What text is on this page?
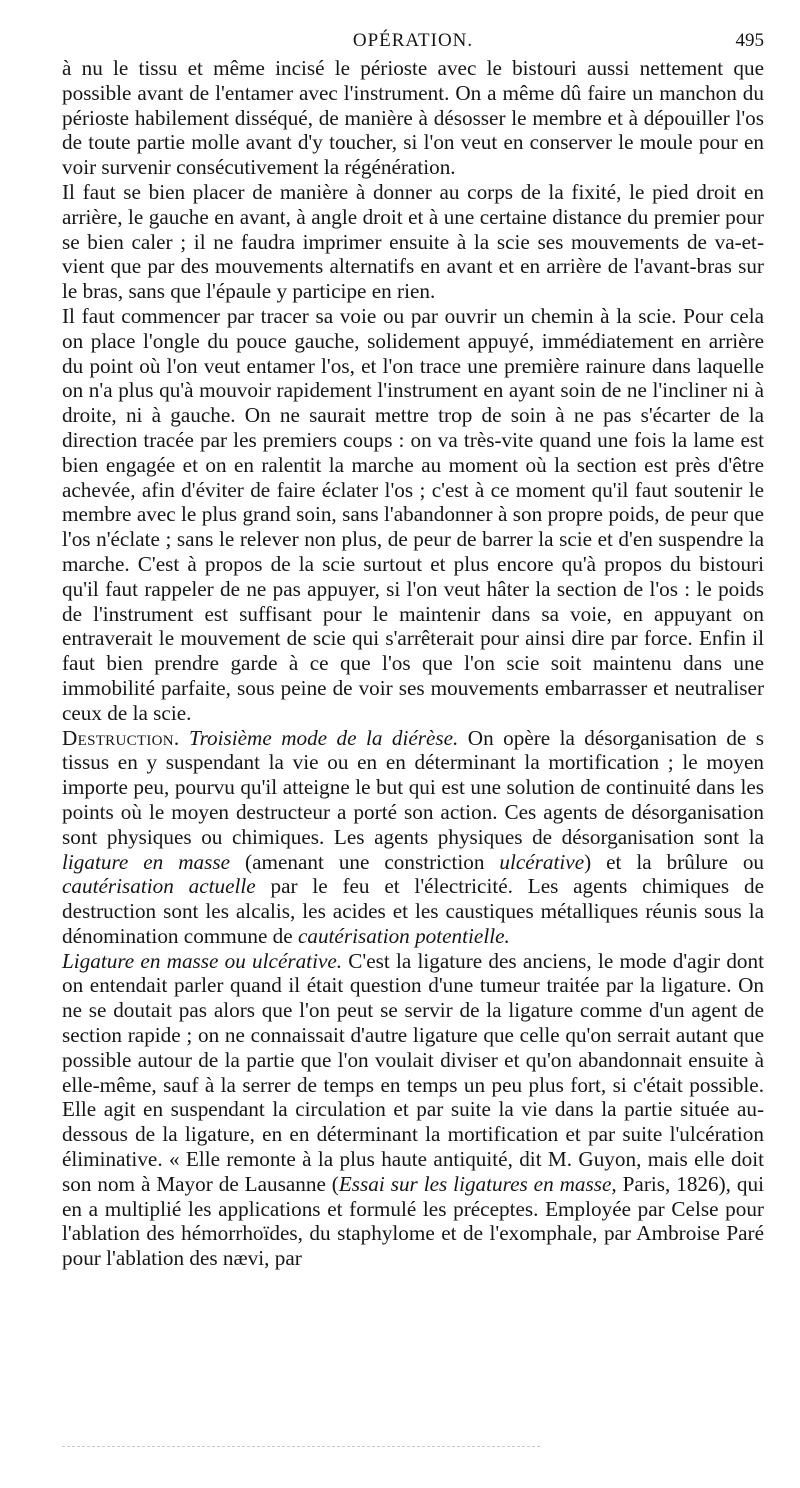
OPÉRATION.	495

à nu le tissu et même incisé le périoste avec le bistouri aussi nettement que possible avant de l'entamer avec l'instrument. On a même dû faire un manchon du périoste habilement disséqué, de manière à désosser le membre et à dépouiller l'os de toute partie molle avant d'y toucher, si l'on veut en conserver le moule pour en voir survenir consécutivement la régénération.

Il faut se bien placer de manière à donner au corps de la fixité, le pied droit en arrière, le gauche en avant, à angle droit et à une certaine distance du premier pour se bien caler ; il ne faudra imprimer ensuite à la scie ses mouvements de va-et-vient que par des mouvements alternatifs en avant et en arrière de l'avant-bras sur le bras, sans que l'épaule y participe en rien.

Il faut commencer par tracer sa voie ou par ouvrir un chemin à la scie. Pour cela on place l'ongle du pouce gauche, solidement appuyé, immédiatement en arrière du point où l'on veut entamer l'os, et l'on trace une première rainure dans laquelle on n'a plus qu'à mouvoir rapidement l'instrument en ayant soin de ne l'incliner ni à droite, ni à gauche. On ne saurait mettre trop de soin à ne pas s'écarter de la direction tracée par les premiers coups : on va très-vite quand une fois la lame est bien engagée et on en ralentit la marche au moment où la section est près d'être achevée, afin d'éviter de faire éclater l'os ; c'est à ce moment qu'il faut soutenir le membre avec le plus grand soin, sans l'abandonner à son propre poids, de peur que l'os n'éclate ; sans le relever non plus, de peur de barrer la scie et d'en suspendre la marche. C'est à propos de la scie surtout et plus encore qu'à propos du bistouri qu'il faut rappeler de ne pas appuyer, si l'on veut hâter la section de l'os : le poids de l'instrument est suffisant pour le maintenir dans sa voie, en appuyant on entraverait le mouvement de scie qui s'arrêterait pour ainsi dire par force. Enfin il faut bien prendre garde à ce que l'os que l'on scie soit maintenu dans une immobilité parfaite, sous peine de voir ses mouvements embarrasser et neutraliser ceux de la scie.

Destruction. Troisième mode de la diérèse. On opère la désorganisation de s tissus en y suspendant la vie ou en en déterminant la mortification ; le moyen importe peu, pourvu qu'il atteigne le but qui est une solution de continuité dans les points où le moyen destructeur a porté son action. Ces agents de désorganisation sont physiques ou chimiques. Les agents physiques de désorganisation sont la ligature en masse (amenant une constriction ulcérative) et la brûlure ou cautérisation actuelle par le feu et l'électricité. Les agents chimiques de destruction sont les alcalis, les acides et les caustiques métalliques réunis sous la dénomination commune de cautérisation potentielle.

Ligature en masse ou ulcérative. C'est la ligature des anciens, le mode d'agir dont on entendait parler quand il était question d'une tumeur traitée par la ligature. On ne se doutait pas alors que l'on peut se servir de la ligature comme d'un agent de section rapide ; on ne connaissait d'autre ligature que celle qu'on serrait autant que possible autour de la partie que l'on voulait diviser et qu'on abandonnait ensuite à elle-même, sauf à la serrer de temps en temps un peu plus fort, si c'était possible. Elle agit en suspendant la circulation et par suite la vie dans la partie située au-dessous de la ligature, en en déterminant la mortification et par suite l'ulcération éliminative. « Elle remonte à la plus haute antiquité, dit M. Guyon, mais elle doit son nom à Mayor de Lausanne (Essai sur les ligatures en masse, Paris, 1826), qui en a multiplié les applications et formulé les préceptes. Employée par Celse pour l'ablation des hémorrhoïdes, du staphylome et de l'exomphale, par Ambroise Paré pour l'ablation des nævi, par
